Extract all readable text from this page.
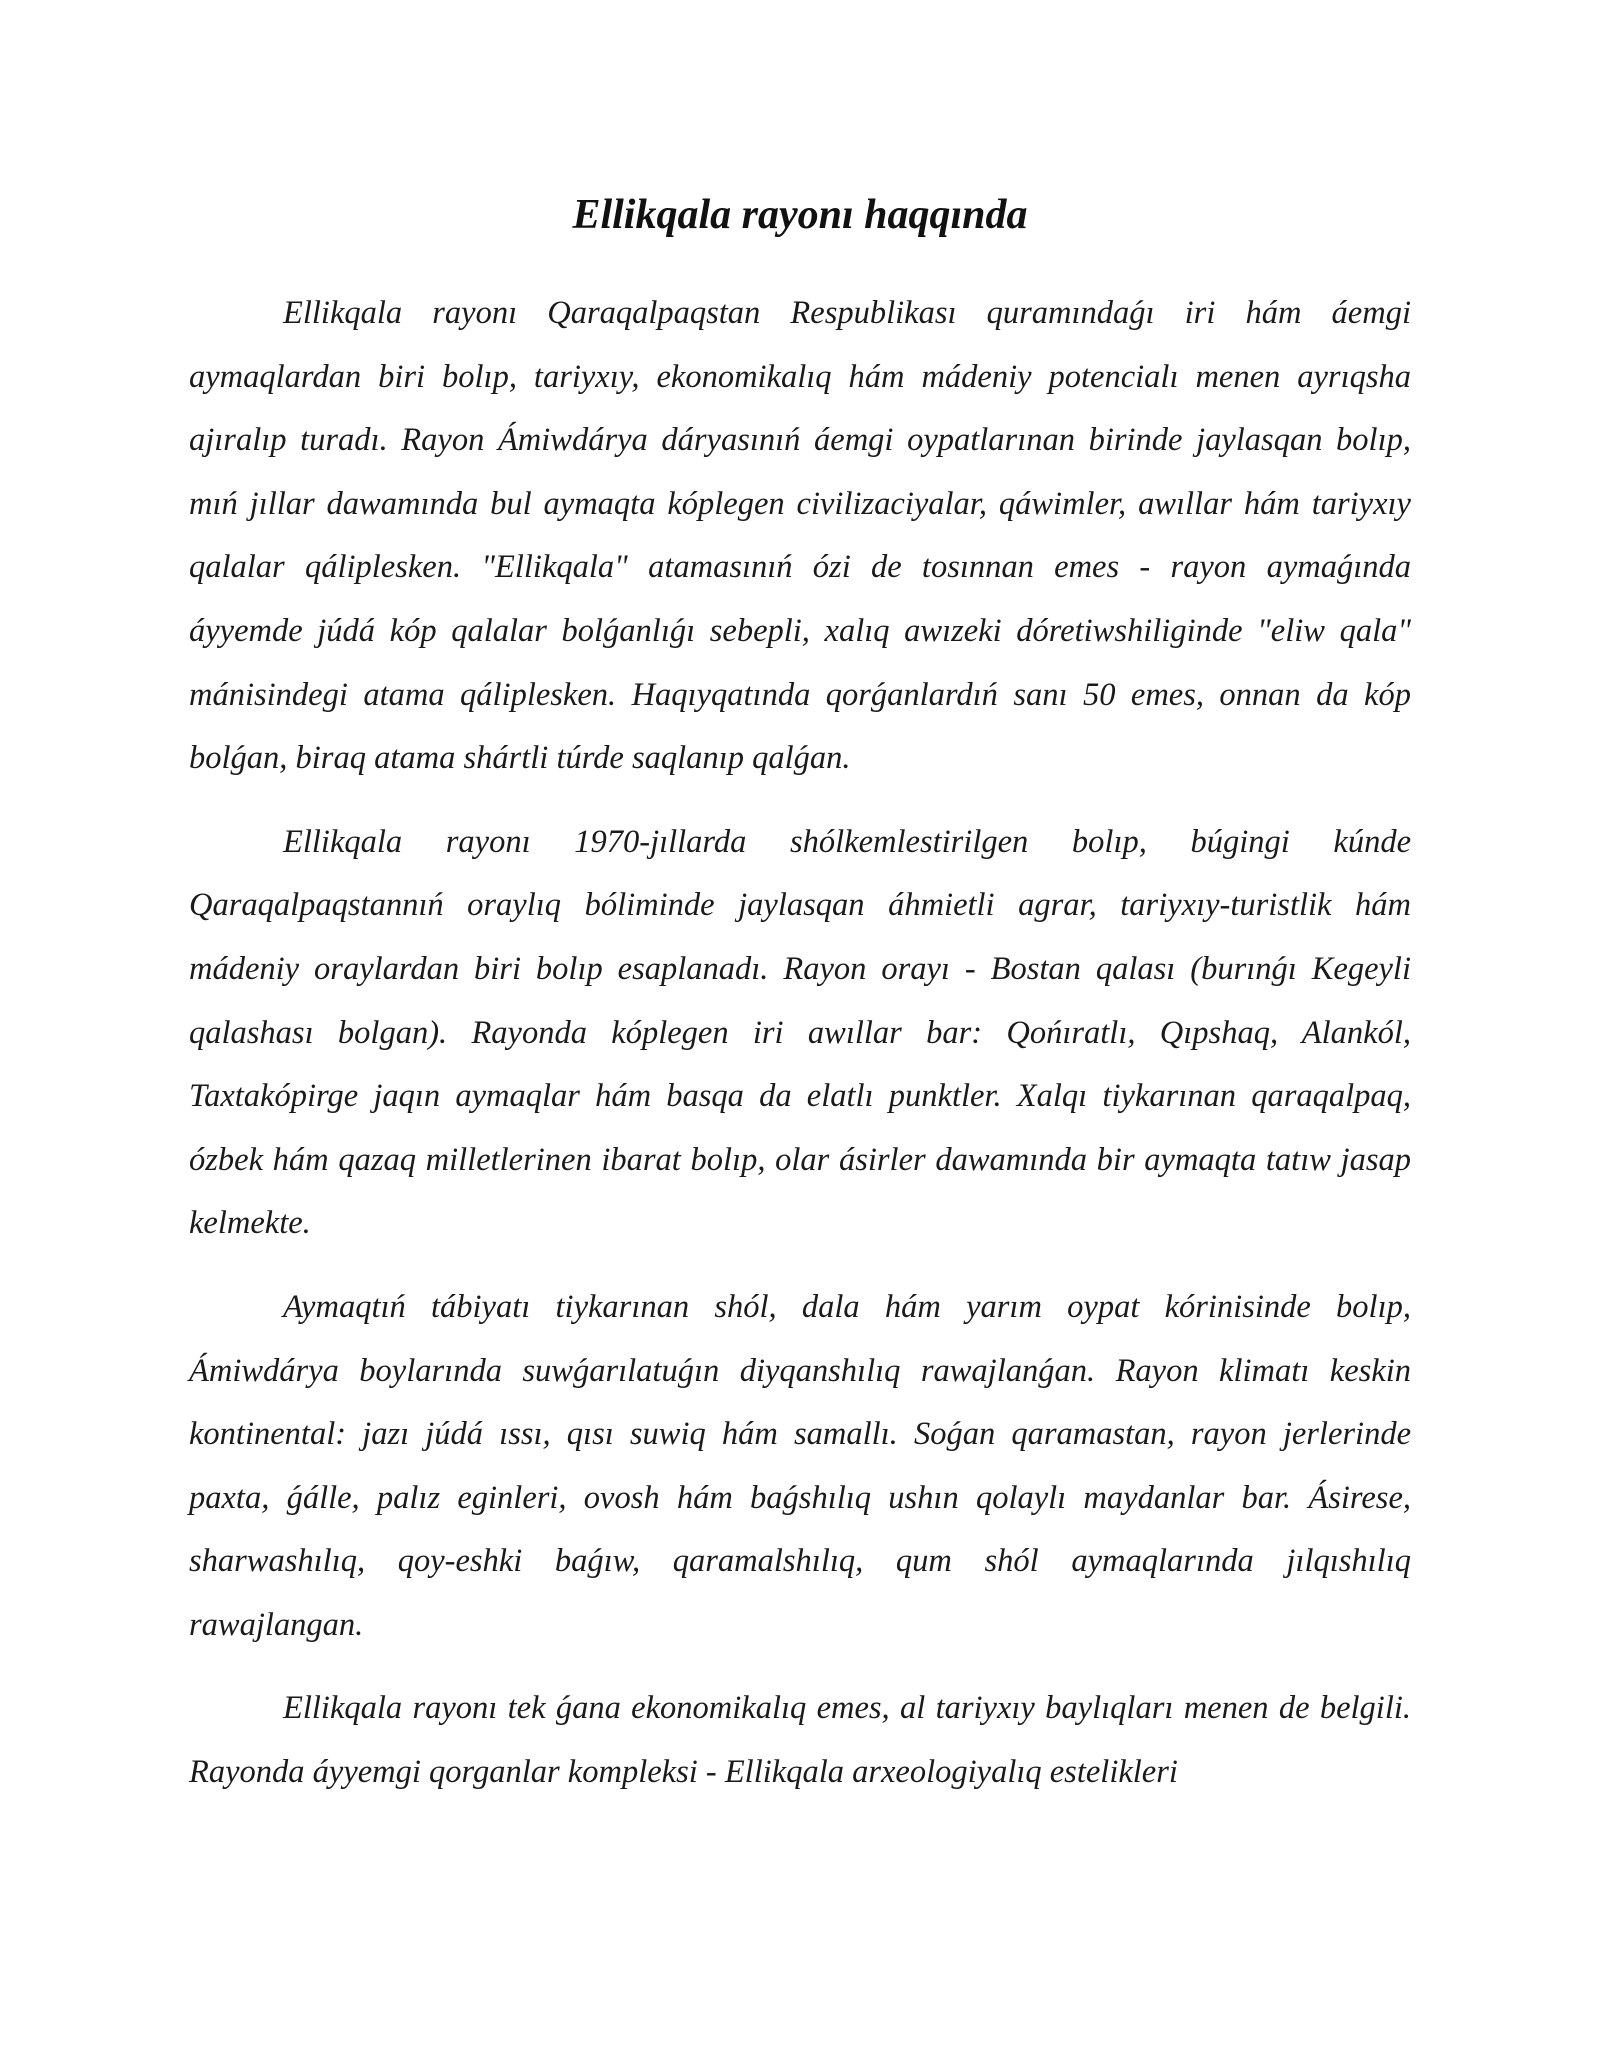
Ellikqala rayonı haqqında

Ellikqala rayonı Qaraqalpaqstan Respublikası quramındaǵı iri hám áemgi aymaqlardan biri bolıp, tariyxıy, ekonomikalıq hám mádeniy potencialı menen ayrıqsha ajıralıp turadı. Rayon Ámiwdárya dáryasınıń áemgi oypatlarınan birinde jaylasqan bolıp, mıń jıllar dawamında bul aymaqta kóplegen civilizaciyalar, qáwimler, awıllar hám tariyxıy qalalar qáliplesken. "Ellikqala" atamasınıń ózi de tosınnan emes - rayon aymaǵında áyyemde júdá kóp qalalar bolǵanlıǵı sebepli, xalıq awızeki dóretiwshiliginde "eliw qala" mánisindegi atama qáliplesken. Haqıyqatında qorǵanlardıń sanı 50 emes, onnan da kóp bolǵan, biraq atama shártli túrde saqlanıp qalǵan.

Ellikqala rayonı 1970-jıllarda shólkemlestirilgen bolıp, búgingi kúnde Qaraqalpaqstannıń oraylıq bóliminde jaylasqan áhmietli agrar, tariyxıy-turistlik hám mádeniy oraylardan biri bolıp esaplanadı. Rayon orayı - Bostan qalası (burınǵı Kegeyli qalashası bolgan). Rayonda kóplegen iri awıllar bar: Qońıratlı, Qıpshaq, Alankól, Taxtakópirge jaqın aymaqlar hám basqa da elatlı punktler. Xalqı tiykarınan qaraqalpaq, ózbek hám qazaq milletlerinen ibarat bolıp, olar ásirler dawamında bir aymaqta tatıw jasap kelmekte.

Aymaqtıń tábiyatı tiykarınan shól, dala hám yarım oypat kórinisinde bolıp, Ámiwdárya boylarında suwǵarılatuǵın diyqanshılıq rawajlanǵan. Rayon klimatı keskin kontinental: jazı júdá ıssı, qısı suwiq hám samallı. Soǵan qaramastan, rayon jerlerinde paxta, ǵálle, palız eginleri, ovosh hám baǵshılıq ushın qolaylı maydanlar bar. Ásirese, sharwashılıq, qoy-eshki baǵıw, qaramalshılıq, qum shól aymaqlarında jılqıshılıq rawajlangan.

Ellikqala rayonı tek ǵana ekonomikalıq emes, al tariyxıy baylıqları menen de belgili. Rayonda áyyemgi qorganlar kompleksi - Ellikqala arxeologiyalıq estelikleri
